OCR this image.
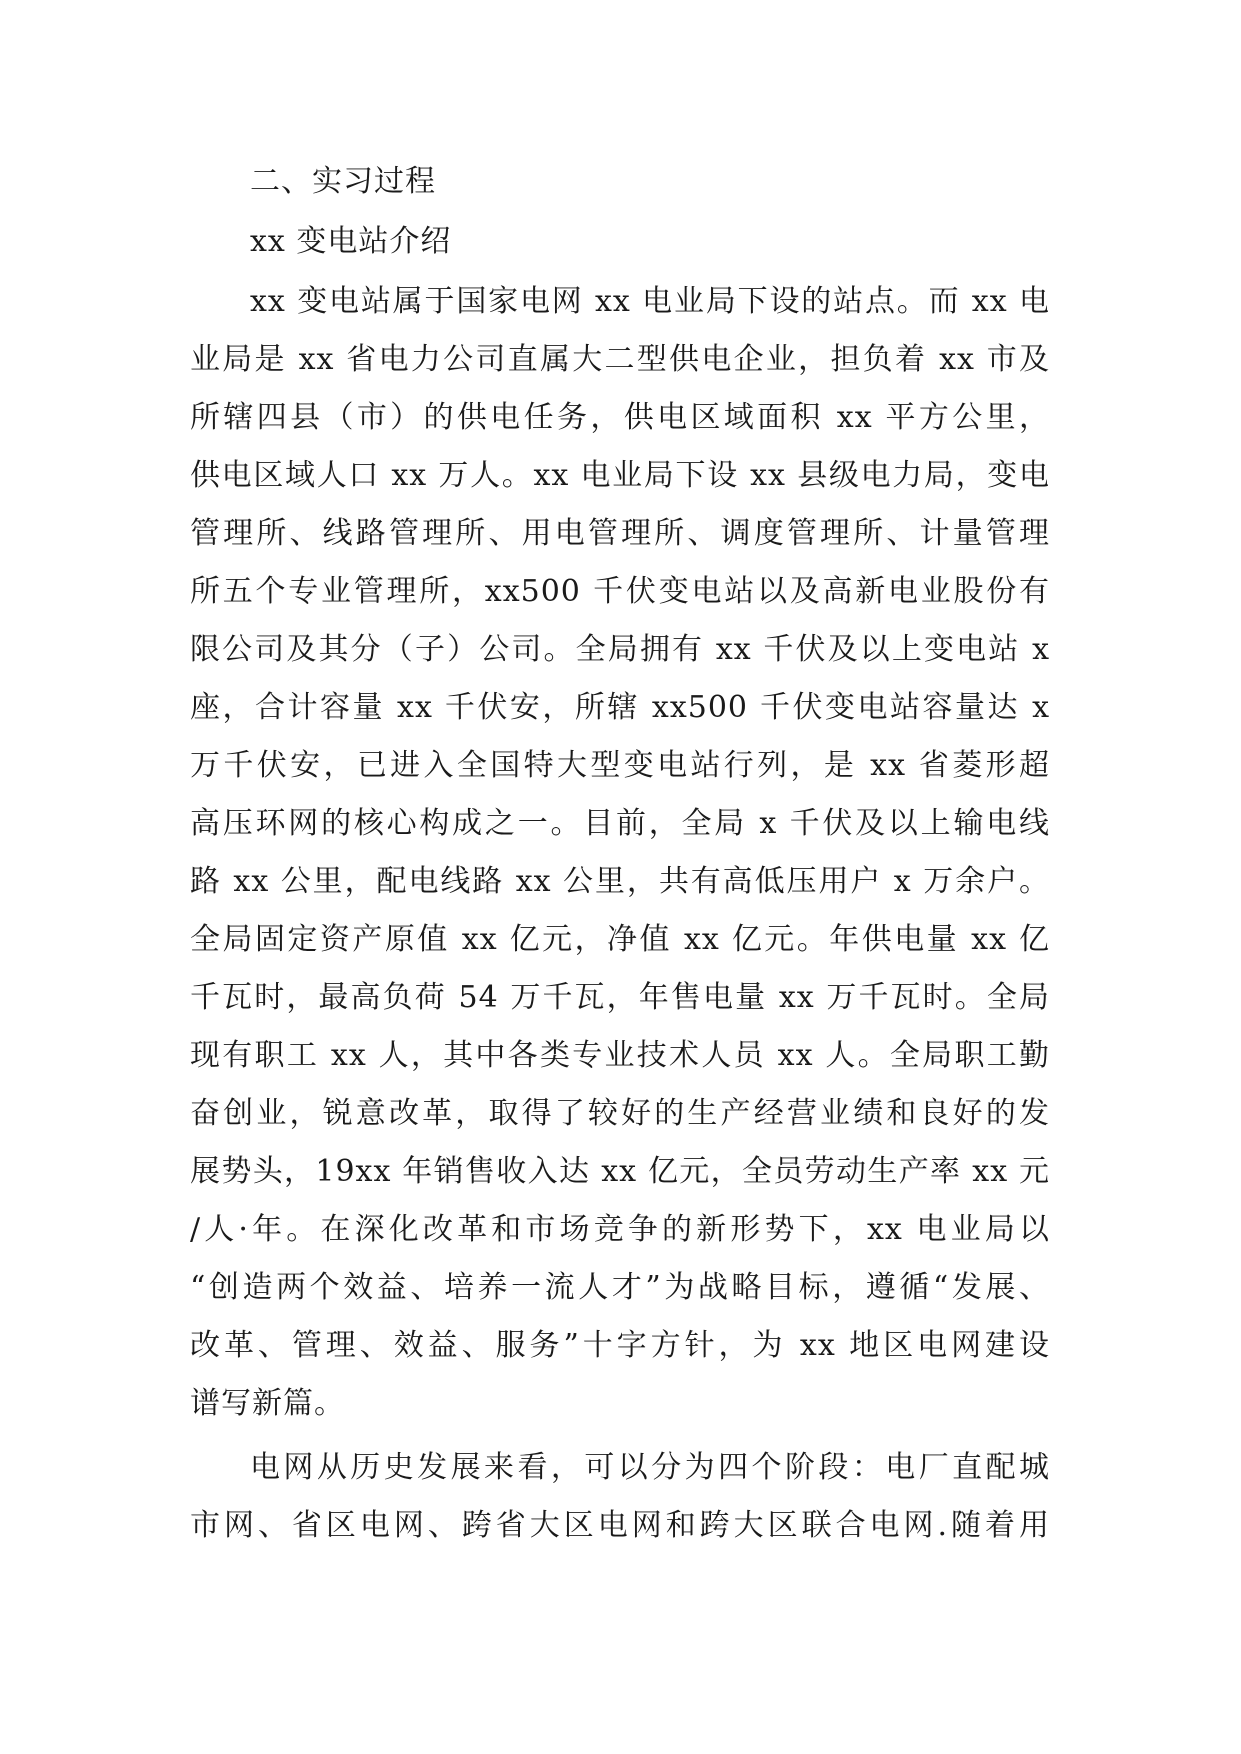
二、实习过程
xx 变电站介绍
xx 变电站属于国家电网 xx 电业局下设的站点。而 xx 电
业局是 xx 省电力公司直属大二型供电企业，担负着 xx 市及
所辖四县（市）的供电任务，供电区域面积 xx 平方公里，
供电区域人口 xx 万人。xx 电业局下设 xx 县级电力局，变电
管理所、线路管理所、用电管理所、调度管理所、计量管理
所五个专业管理所，xx500 千伏变电站以及高新电业股份有
限公司及其分（子）公司。全局拥有 xx 千伏及以上变电站 x
座，合计容量 xx 千伏安，所辖 xx500 千伏变电站容量达 x
万千伏安，已进入全国特大型变电站行列，是 xx 省菱形超
高压环网的核心构成之一。目前，全局 x 千伏及以上输电线
路 xx 公里，配电线路 xx 公里，共有高低压用户 x 万余户。
全局固定资产原值 xx 亿元，净值 xx 亿元。年供电量 xx 亿
千瓦时，最高负荷 54 万千瓦，年售电量 xx 万千瓦时。全局
现有职工 xx 人，其中各类专业技术人员 xx 人。全局职工勤
奋创业，锐意改革，取得了较好的生产经营业绩和良好的发
展势头，19xx 年销售收入达 xx 亿元，全员劳动生产率 xx 元
/人·年。在深化改革和市场竞争的新形势下，xx 电业局以
“创造两个效益、培养一流人才”为战略目标，遵循“发展、
改革、管理、效益、服务”十字方针，为 xx 地区电网建设
谱写新篇。
电网从历史发展来看，可以分为四个阶段：电厂直配城
市网、省区电网、跨省大区电网和跨大区联合电网.随着用
